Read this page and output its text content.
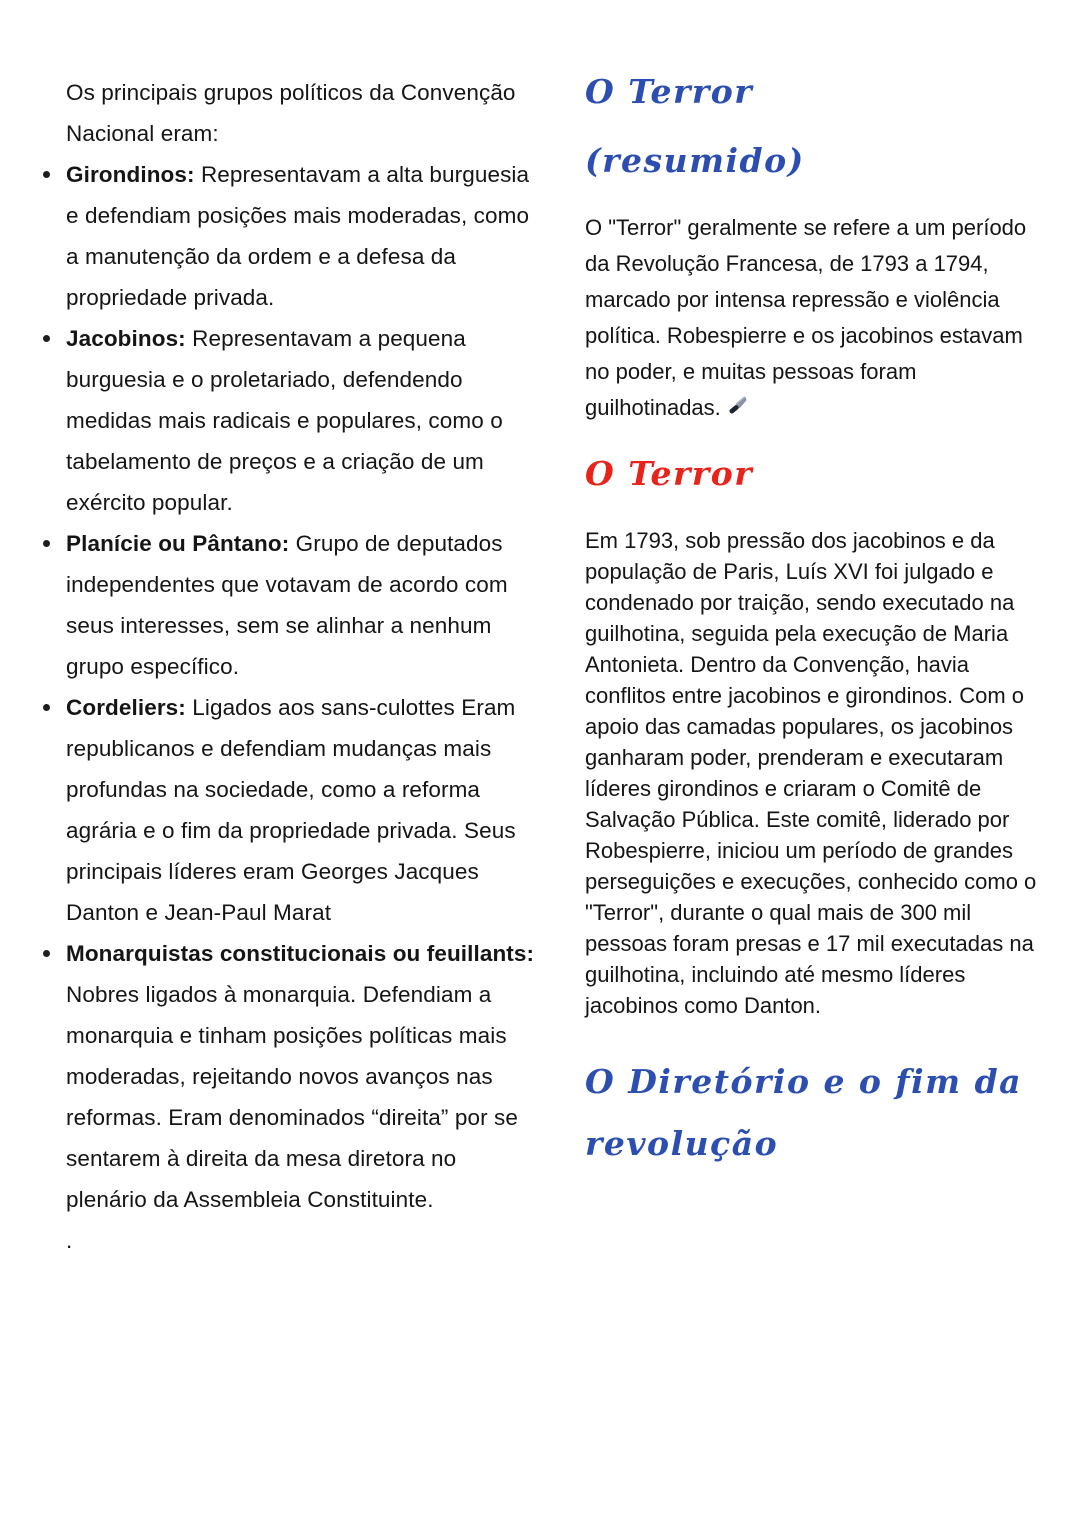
Os principais grupos políticos da Convenção Nacional eram:

Girondinos: Representavam a alta burguesia e defendiam posições mais moderadas, como a manutenção da ordem e a defesa da propriedade privada.

Jacobinos: Representavam a pequena burguesia e o proletariado, defendendo medidas mais radicais e populares, como o tabelamento de preços e a criação de um exército popular.

Planície ou Pântano: Grupo de deputados independentes que votavam de acordo com seus interesses, sem se alinhar a nenhum grupo específico.

Cordeliers: Ligados aos sans-culottes Eram republicanos e defendiam mudanças mais profundas na sociedade, como a reforma agrária e o fim da propriedade privada. Seus principais líderes eram Georges Jacques Danton e Jean-Paul Marat

Monarquistas constitucionais ou feuillants: Nobres ligados à monarquia. Defendiam a monarquia e tinham posições políticas mais moderadas, rejeitando novos avanços nas reformas. Eram denominados “direita” por se sentarem à direita da mesa diretora no plenário da Assembleia Constituinte.

.

O Terror
(resumido)

O "Terror" geralmente se refere a um período da Revolução Francesa, de 1793 a 1794, marcado por intensa repressão e violência política. Robespierre e os jacobinos estavam no poder, e muitas pessoas foram guilhotinadas.

O Terror

Em 1793, sob pressão dos jacobinos e da população de Paris, Luís XVI foi julgado e condenado por traição, sendo executado na guilhotina, seguida pela execução de Maria Antonieta. Dentro da Convenção, havia conflitos entre jacobinos e girondinos. Com o apoio das camadas populares, os jacobinos ganharam poder, prenderam e executaram líderes girondinos e criaram o Comitê de Salvação Pública. Este comitê, liderado por Robespierre, iniciou um período de grandes perseguições e execuções, conhecido como o "Terror", durante o qual mais de 300 mil pessoas foram presas e 17 mil executadas na guilhotina, incluindo até mesmo líderes jacobinos como Danton.

O Diretório e o fim da revolução
